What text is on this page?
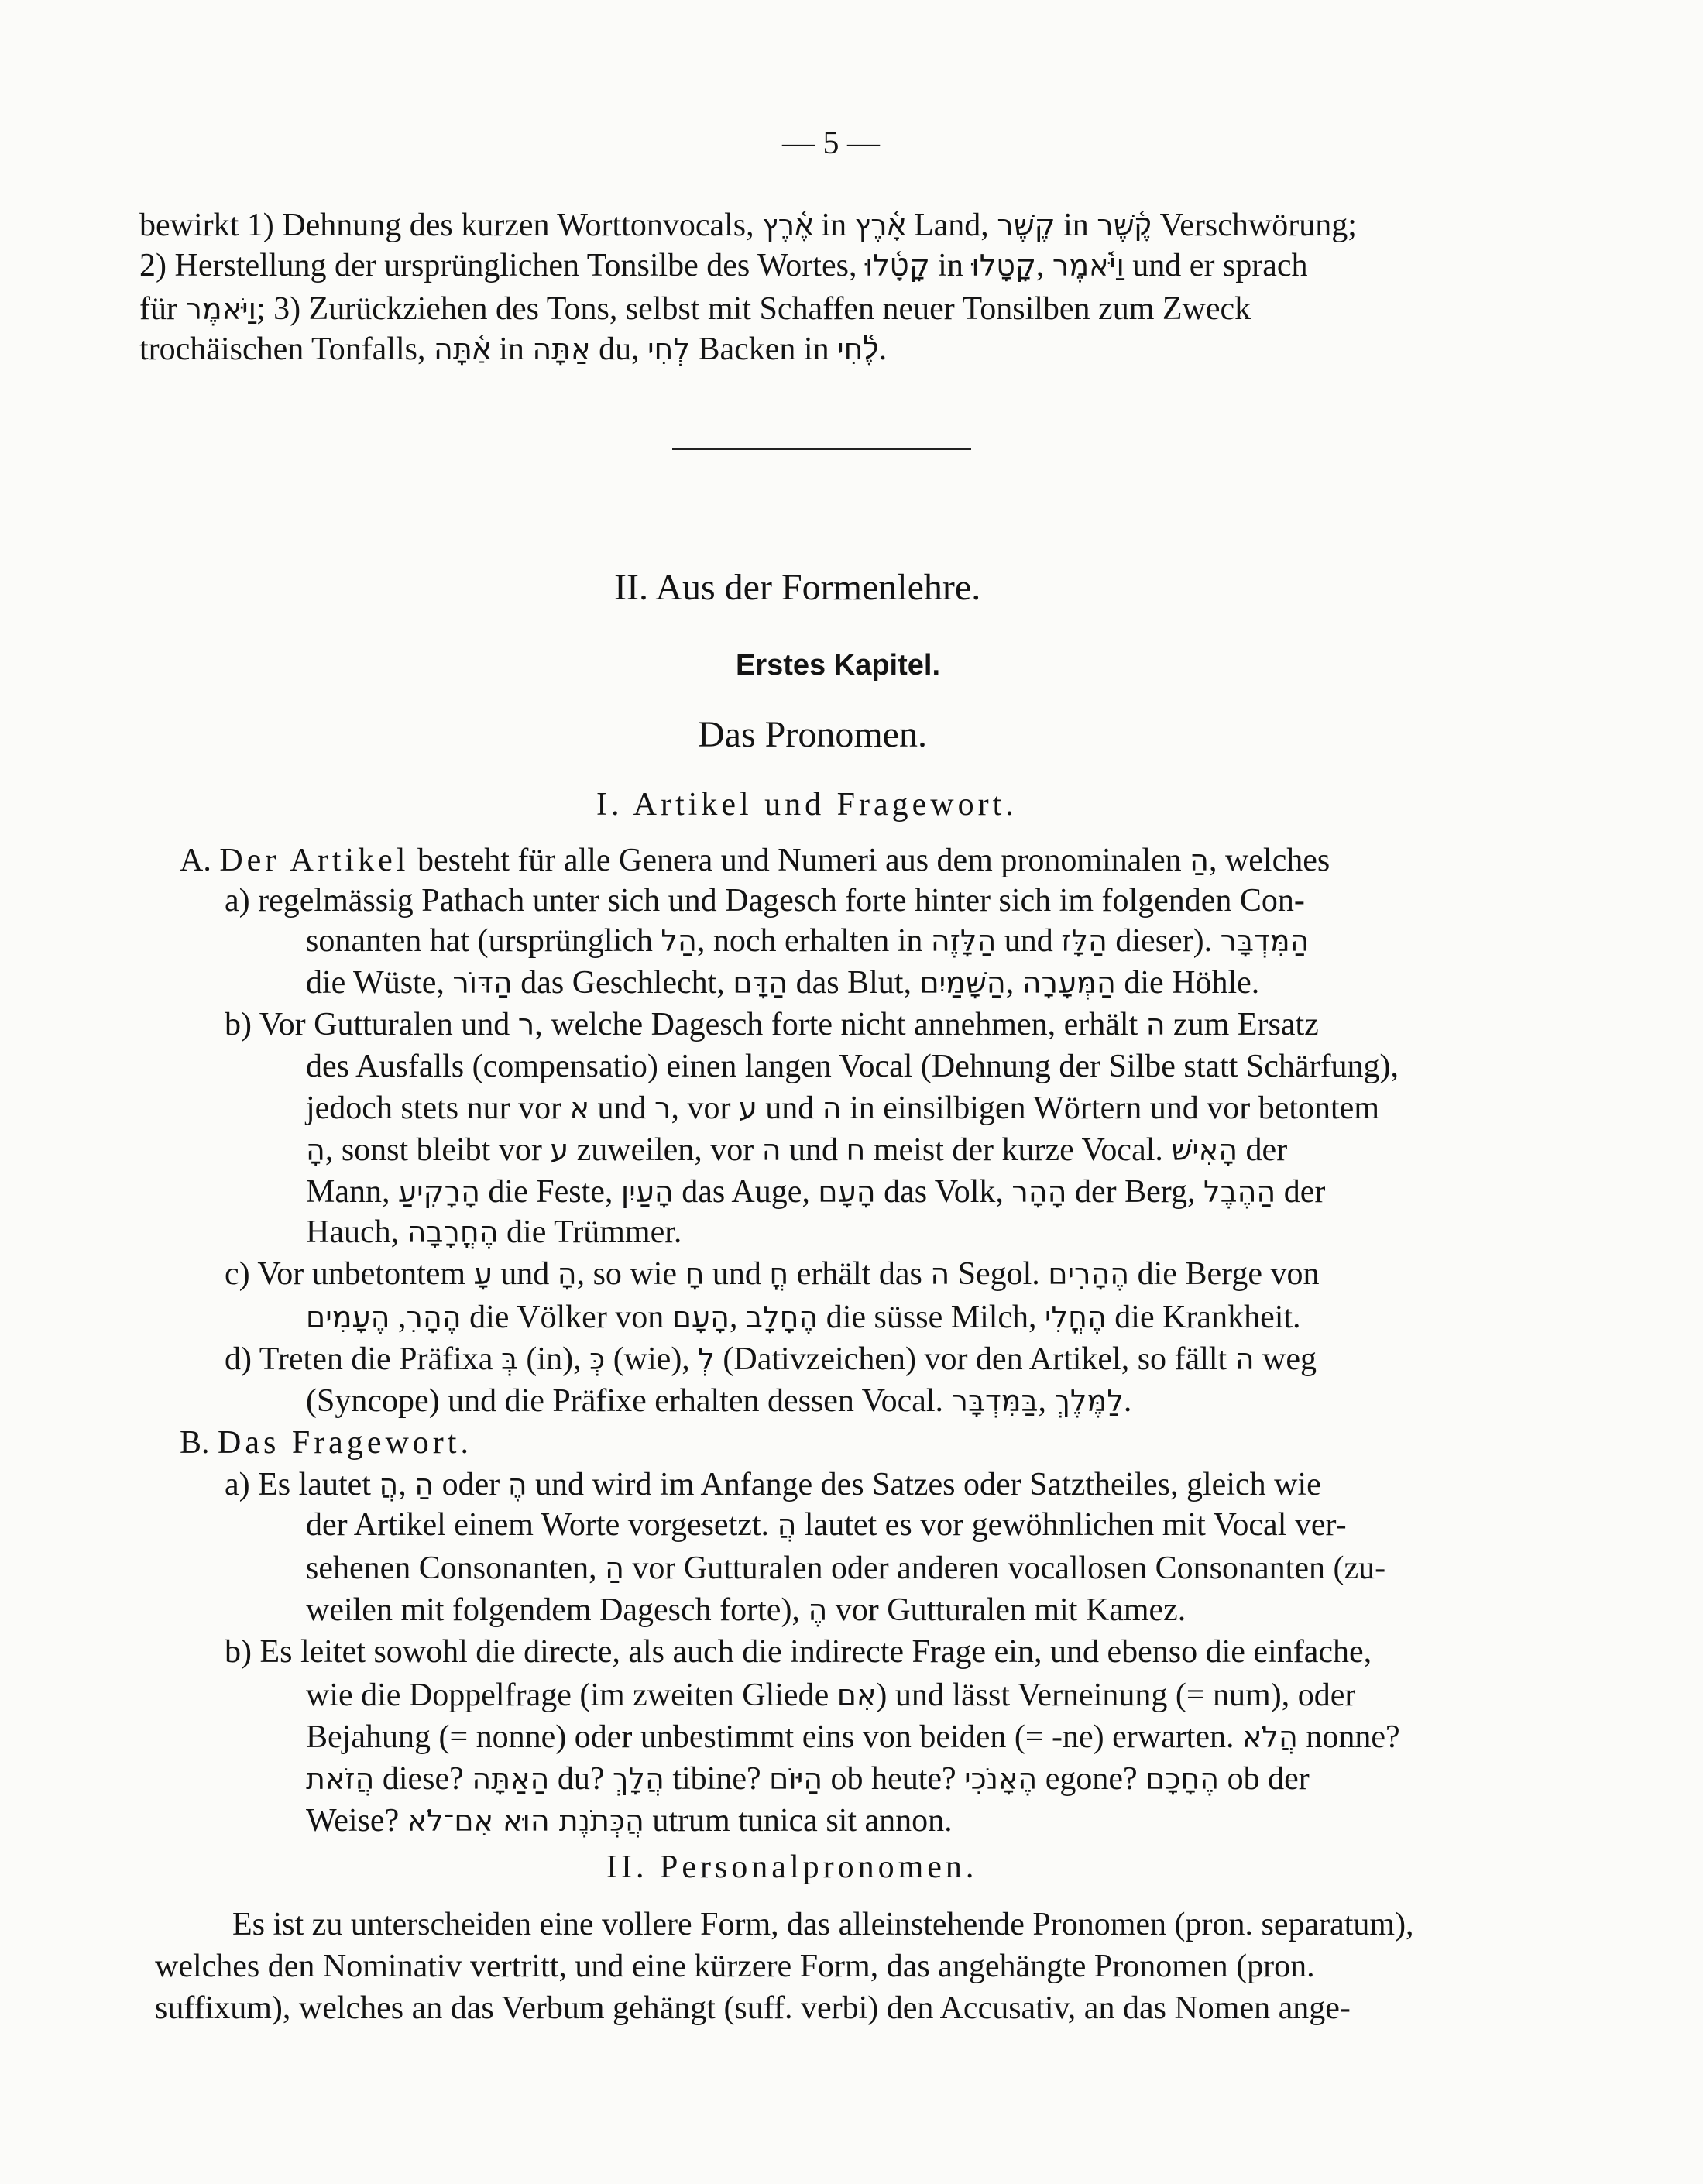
— 5 —
bewirkt 1) Dehnung des kurzen Worttonvocals, אֶ֫רֶץ in אָ֫רֶץ Land, קֶשֶׁר in קֶ֫שֶׁר Verschwörung;
2) Herstellung der ursprünglichen Tonsilbe des Wortes, קָטָ֫לוּ in קָטָלוּ, וַיֹּ֫אמֶר und er sprach
für וַיֹּאמֶר; 3) Zurückziehen des Tons, selbst mit Schaffen neuer Tonsilben zum Zweck
trochäischen Tonfalls, אַ֫תָּה in אַתָּה du, לְחִי Backen in לֶ֫חִי.
II. Aus der Formenlehre.
Erstes Kapitel.
Das Pronomen.
I. Artikel und Fragewort.
A. Der Artikel besteht für alle Genera und Numeri aus dem pronominalen הַ, welches
a) regelmässig Pathach unter sich und Dagesch forte hinter sich im folgenden Con-
sonanten hat (ursprünglich הַל, noch erhalten in הַלָּזֶה und הַלָּז dieser). הַמִּדְבָּר
die Wüste, הַדּוֹר das Geschlecht, הַדָּם das Blut, הַשָּׁמַיִם, הַמְּעָרָה die Höhle.
b) Vor Gutturalen und ר, welche Dagesch forte nicht annehmen, erhält ה zum Ersatz
des Ausfalls (compensatio) einen langen Vocal (Dehnung der Silbe statt Schärfung),
jedoch stets nur vor א und ר, vor ע und ה in einsilbigen Wörtern und vor betontem
הָ, sonst bleibt vor ע zuweilen, vor ה und ח meist der kurze Vocal. הָאִישׁ der
Mann, הָרָקִיעַ die Feste, הָעַיִן das Auge, הָעָם das Volk, הָהָר der Berg, הַהֶבֶל der
Hauch, הֶחֳרָבָה die Trümmer.
c) Vor unbetontem עָ und הָ, so wie חָ und חֳ erhält das ה Segol. הֶהָרִים die Berge von
הֶעָמִים ,הֶהָרִ die Völker von הָעָם, הֶחָלָב die süsse Milch, הֶחֳלִי die Krankheit.
d) Treten die Präfixa בְּ (in), כְּ (wie), לְ (Dativzeichen) vor den Artikel, so fällt ה weg
(Syncope) und die Präfixe erhalten dessen Vocal. בַּמִּדְבָּר, לַמֶּלֶךְ.
B. Das Fragewort.
a) Es lautet הֲ, הַ oder הֶ und wird im Anfange des Satzes oder Satztheiles, gleich wie
der Artikel einem Worte vorgesetzt. הֲ lautet es vor gewöhnlichen mit Vocal ver-
sehenen Consonanten, הַ vor Gutturalen oder anderen vocallosen Consonanten (zu-
weilen mit folgendem Dagesch forte), הֶ vor Gutturalen mit Kamez.
b) Es leitet sowohl die directe, als auch die indirecte Frage ein, und ebenso die einfache,
wie die Doppelfrage (im zweiten Gliede אִם) und lässt Verneinung (= num), oder
Bejahung (= nonne) oder unbestimmt eins von beiden (= -ne) erwarten. הֲלֹא nonne?
הֲזֹאת diese? הַאַתָּה du? הֲלָךְ tibine? הַיּוֹם ob heute? הֶאָנֹכִי egone? הֶחָכָם ob der
Weise? הֲכְּתֹנֶת הוּא אִם־לֹא utrum tunica sit annon.
II. Personalpronomen.
Es ist zu unterscheiden eine vollere Form, das alleinstehende Pronomen (pron. separatum),
welches den Nominativ vertritt, und eine kürzere Form, das angehängte Pronomen (pron.
suffixum), welches an das Verbum gehängt (suff. verbi) den Accusativ, an das Nomen ange-
